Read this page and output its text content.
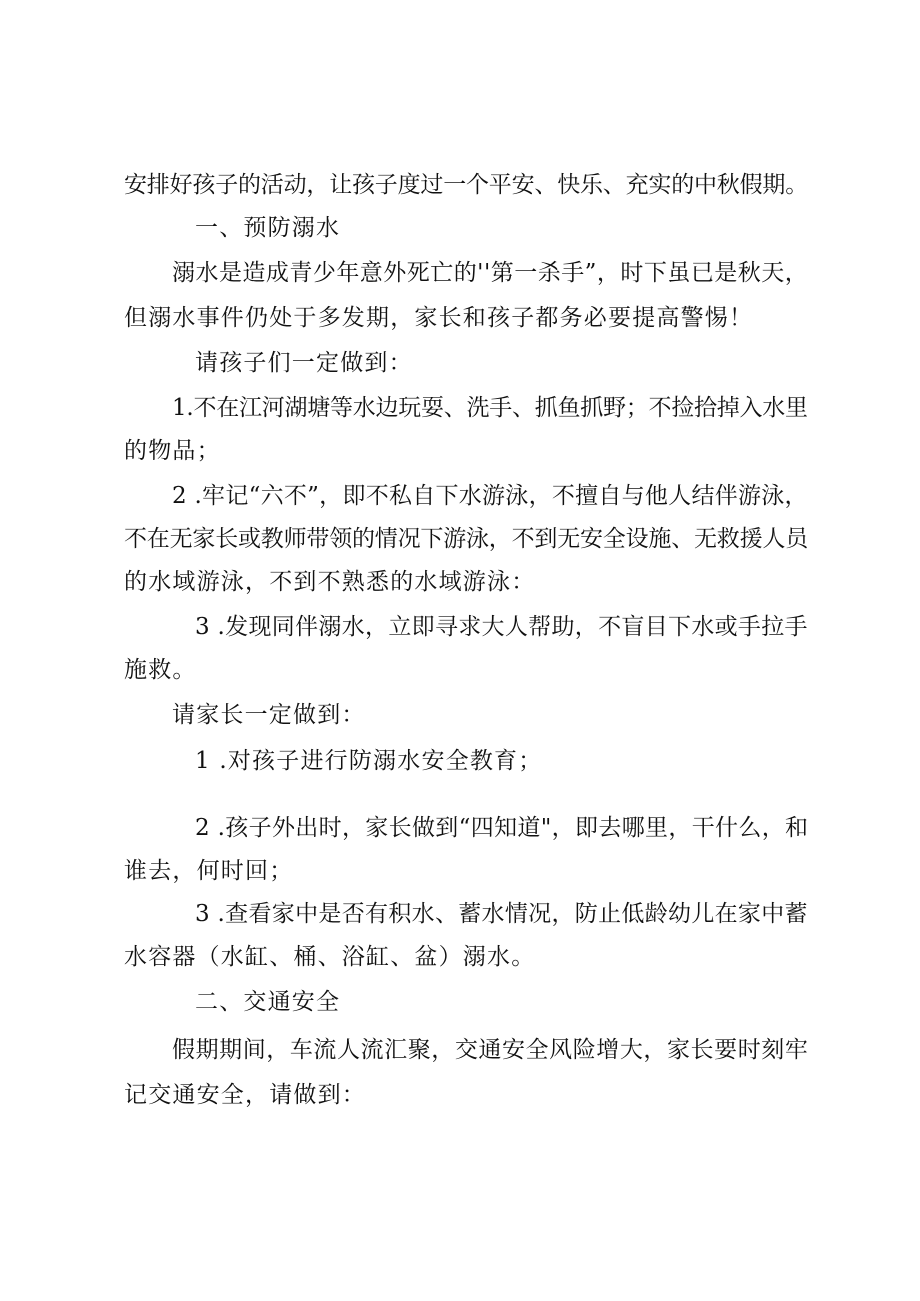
安排好孩子的活动，让孩子度过一个平安、快乐、充实的中秋假期。
一、预防溺水
溺水是造成青少年意外死亡的''第一杀手”，时下虽已是秋天，
但溺水事件仍处于多发期，家长和孩子都务必要提高警惕！
请孩子们一定做到：
1.不在江河湖塘等水边玩耍、洗手、抓鱼抓野；不捡拾掉入水里
的物品；
2 .牢记“六不”，即不私自下水游泳，不擅自与他人结伴游泳，
不在无家长或教师带领的情况下游泳，不到无安全设施、无救援人员
的水域游泳，不到不熟悉的水域游泳：
3 .发现同伴溺水，立即寻求大人帮助，不盲目下水或手拉手
施救。
请家长一定做到：
1 .对孩子进行防溺水安全教育；
2 .孩子外出时，家长做到“四知道"，即去哪里，干什么，和
谁去，何时回；
3 .查看家中是否有积水、蓄水情况，防止低龄幼儿在家中蓄
水容器（水缸、桶、浴缸、盆）溺水。
二、交通安全
假期期间，车流人流汇聚，交通安全风险增大，家长要时刻牢
记交通安全，请做到：
